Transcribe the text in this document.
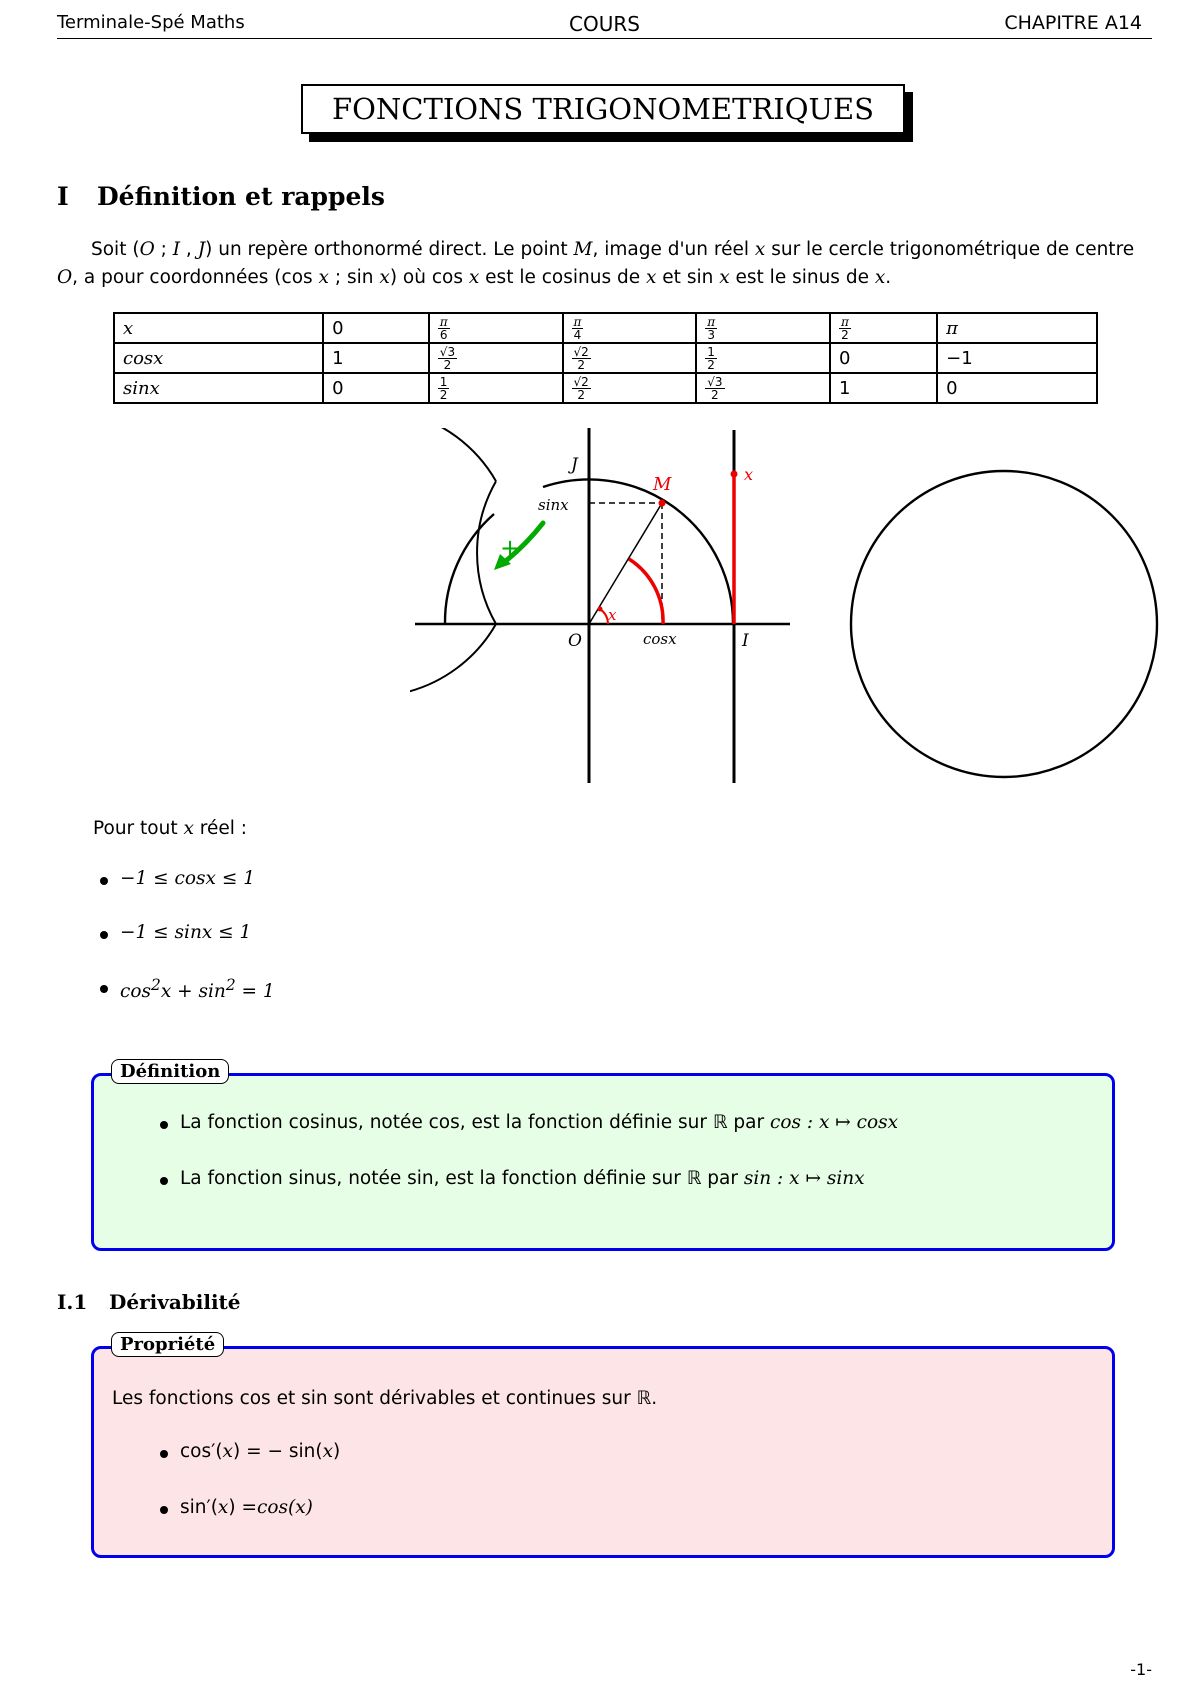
COURS
Terminale-Spé Maths	CHAPITRE A14
FONCTIONS TRIGONOMETRIQUES
I Définition et rappels
Soit (O ; I , J) un repère orthonormé direct. Le point M, image d'un réel x sur le cercle trigonométrique de centre O, a pour coordonnées (cos x ; sin x) où cos x est le cosinus de x et sin x est le sinus de x.
x	0	$\frac{\pi}{6}$	$\frac{\pi}{4}$	$\frac{\pi}{3}$	$\frac{\pi}{2}$	π
cosx	1	$\frac{√3}{2}$	$\frac{√2}{2}$	$\frac{1}{2}$	0	−1
sinx	0	$\frac{1}{2}$	$\frac{√2}{2}$	$\frac{√3}{2}$	1	0
J
M
sinx
x
+
x
O	cosx	I
Pour tout x réel :
−1 ≤ cosx ≤ 1
−1 ≤ sinx ≤ 1
$\cos^2x + \sin^2 = 1$
Définition
La fonction cosinus, notée cos, est la fonction définie sur ℝ par
cos : x ↦ cosx
La fonction sinus, notée sin, est la fonction définie sur ℝ par
sin : x ↦ sinx
I.1 Dérivabilité
Propriété
Les fonctions cos et sin sont dérivables et continues sur ℝ.
cos′( x ) = − sin( x )
sin′( x ) = cos( x )
-1-
